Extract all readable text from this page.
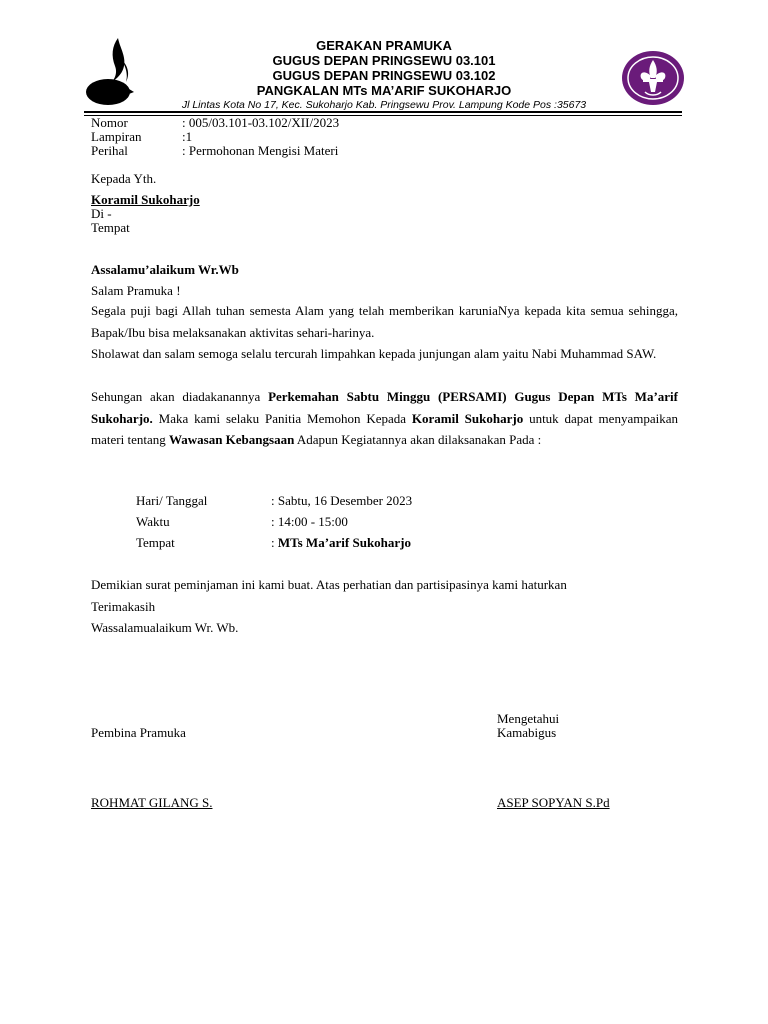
GERAKAN PRAMUKA
GUGUS DEPAN PRINGSEWU 03.101
GUGUS DEPAN PRINGSEWU 03.102
PANGKALAN MTs MA’ARIF SUKOHARJO
Jl Lintas Kota No 17, Kec. Sukoharjo Kab. Pringsewu Prov. Lampung Kode Pos :35673
Nomor	: 005/03.101-03.102/XII/2023
Lampiran	:1
Perihal	: Permohonan Mengisi Materi
Kepada Yth.
Koramil Sukoharjo
Di -
Tempat
Assalamu’alaikum Wr.Wb
Salam Pramuka !
Segala puji bagi Allah tuhan semesta Alam yang telah memberikan karuniaNya kepada kita semua sehingga, Bapak/Ibu bisa melaksanakan aktivitas sehari-harinya.
Sholawat dan salam semoga selalu tercurah limpahkan kepada junjungan alam yaitu Nabi Muhammad SAW.
Sehungan akan diadakanannya Perkemahan Sabtu Minggu (PERSAMI) Gugus Depan MTs Ma’arif Sukoharjo. Maka kami selaku Panitia Memohon Kepada Koramil Sukoharjo untuk dapat menyampaikan materi tentang Wawasan Kebangsaan Adapun Kegiatannya akan dilaksanakan Pada :
Hari/ Tanggal	: Sabtu, 16 Desember 2023
Waktu	: 14:00 - 15:00
Tempat	: MTs Ma’arif Sukoharjo
Demikian surat peminjaman ini kami buat. Atas perhatian dan partisipasinya kami haturkan
Terimakasih
Wassalamualaikum Wr. Wb.
Mengetahui
Pembina Pramuka	Kamabigus
ROHMAT GILANG S.	ASEP SOPYAN S.Pd
